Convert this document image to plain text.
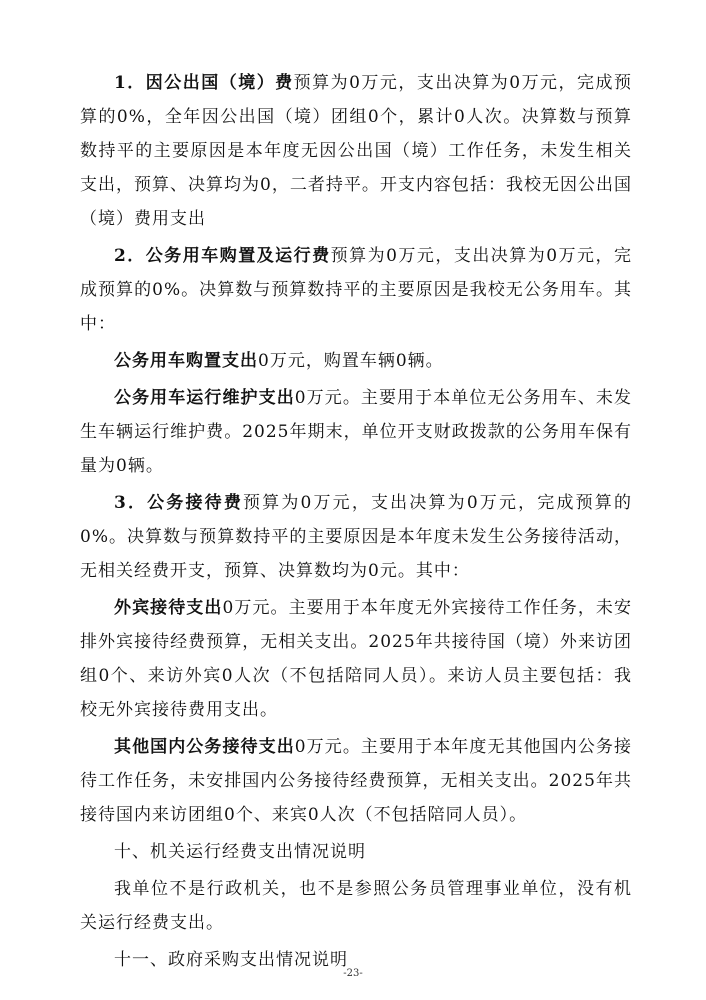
1．因公出国（境）费预算为0万元，支出决算为0万元，完成预算的0%，全年因公出国（境）团组0个，累计0人次。决算数与预算数持平的主要原因是本年度无因公出国（境）工作任务，未发生相关支出，预算、决算均为0，二者持平。开支内容包括：我校无因公出国（境）费用支出

2．公务用车购置及运行费预算为0万元，支出决算为0万元，完成预算的0%。决算数与预算数持平的主要原因是我校无公务用车。其中：

公务用车购置支出0万元，购置车辆0辆。

公务用车运行维护支出0万元。主要用于本单位无公务用车、未发生车辆运行维护费。2025年期末，单位开支财政拨款的公务用车保有量为0辆。

3．公务接待费预算为0万元，支出决算为0万元，完成预算的0%。决算数与预算数持平的主要原因是本年度未发生公务接待活动，无相关经费开支，预算、决算数均为0元。其中：

外宾接待支出0万元。主要用于本年度无外宾接待工作任务，未安排外宾接待经费预算，无相关支出。2025年共接待国（境）外来访团组0个、来访外宾0人次（不包括陪同人员）。来访人员主要包括：我校无外宾接待费用支出。

其他国内公务接待支出0万元。主要用于本年度无其他国内公务接待工作任务，未安排国内公务接待经费预算，无相关支出。2025年共接待国内来访团组0个、来宾0人次（不包括陪同人员）。

十、机关运行经费支出情况说明

我单位不是行政机关，也不是参照公务员管理事业单位，没有机关运行经费支出。

十一、政府采购支出情况说明

-23-
